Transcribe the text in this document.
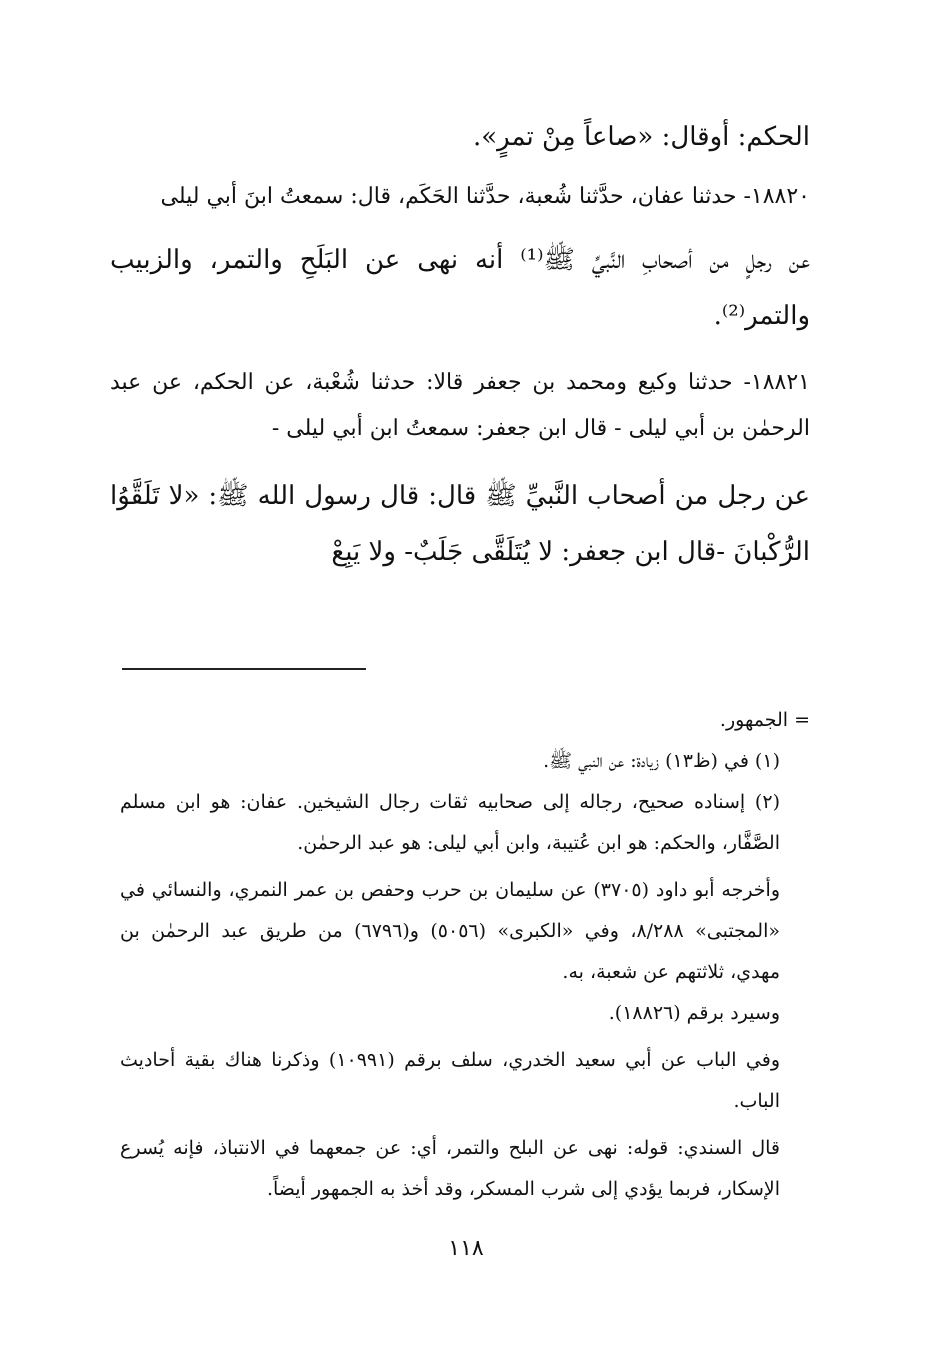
الحكم: أوقال: «صاعاً مِنْ تمرٍ».

١٨٨٢٠- حدثنا عفان، حدَّثنا شُعبة، حدَّثنا الحَكَم، قال: سمعتُ ابنَ أبي ليلى

عن رجلٍ من أصحابِ النَّبيِّ ﷺ⁽¹⁾ أنه نهى عن البَلَحِ والتمر، والزبيب والتمر⁽²⁾.

١٨٨٢١- حدثنا وكيع ومحمد بن جعفر قالا: حدثنا شُعْبة، عن الحكم، عن عبد الرحمٰن بن أبي ليلى - قال ابن جعفر: سمعتُ ابن أبي ليلى -

عن رجل من أصحاب النَّبيِّ ﷺ قال: قال رسول الله ﷺ: «لا تَلَقَّوُا الرُّكْبانَ -قال ابن جعفر: لا يُتَلَقَّى جَلَبٌ- ولا يَبِعْ

= الجمهور.

(١) في (ظ١٣) زيادة: عن النبي ﷺ.

(٢) إسناده صحيح، رجاله إلى صحابيه ثقات رجال الشيخين. عفان: هو ابن مسلم الصَّفَّار، والحكم: هو ابن عُتيبة، وابن أبي ليلى: هو عبد الرحمٰن.

وأخرجه أبو داود (٣٧٠٥) عن سليمان بن حرب وحفص بن عمر النمري، والنسائي في «المجتبى» ٨/٢٨٨، وفي «الكبرى» (٥٠٥٦) و(٦٧٩٦) من طريق عبد الرحمٰن بن مهدي، ثلاثتهم عن شعبة، به.

وسيرد برقم (١٨٨٢٦).

وفي الباب عن أبي سعيد الخدري، سلف برقم (١٠٩٩١) وذكرنا هناك بقية أحاديث الباب.

قال السندي: قوله: نهى عن البلح والتمر، أي: عن جمعهما في الانتباذ، فإنه يُسرع الإسكار، فربما يؤدي إلى شرب المسكر، وقد أخذ به الجمهور أيضاً.

١١٨
